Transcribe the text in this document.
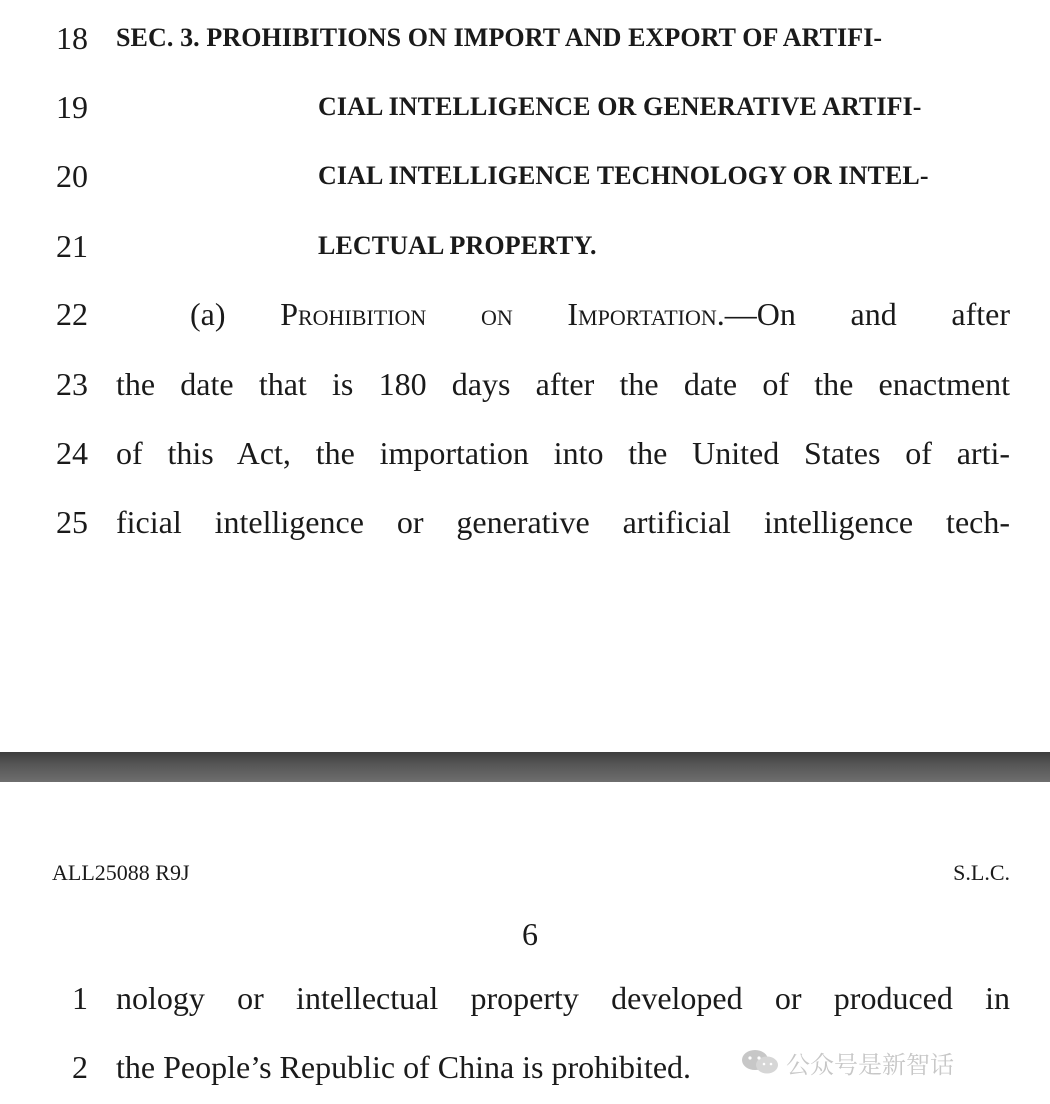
18 SEC. 3. PROHIBITIONS ON IMPORT AND EXPORT OF ARTIFI-
19	CIAL INTELLIGENCE OR GENERATIVE ARTIFI-
20	CIAL INTELLIGENCE TECHNOLOGY OR INTEL-
21	LECTUAL PROPERTY.
22	(a) Prohibition on Importation.—On and after
23 the date that is 180 days after the date of the enactment
24 of this Act, the importation into the United States of arti-
25 ficial intelligence or generative artificial intelligence tech-
ALL25088 R9J	S.L.C.
6
1 nology or intellectual property developed or produced in
2 the People’s Republic of China is prohibited.	公众号是新智话
